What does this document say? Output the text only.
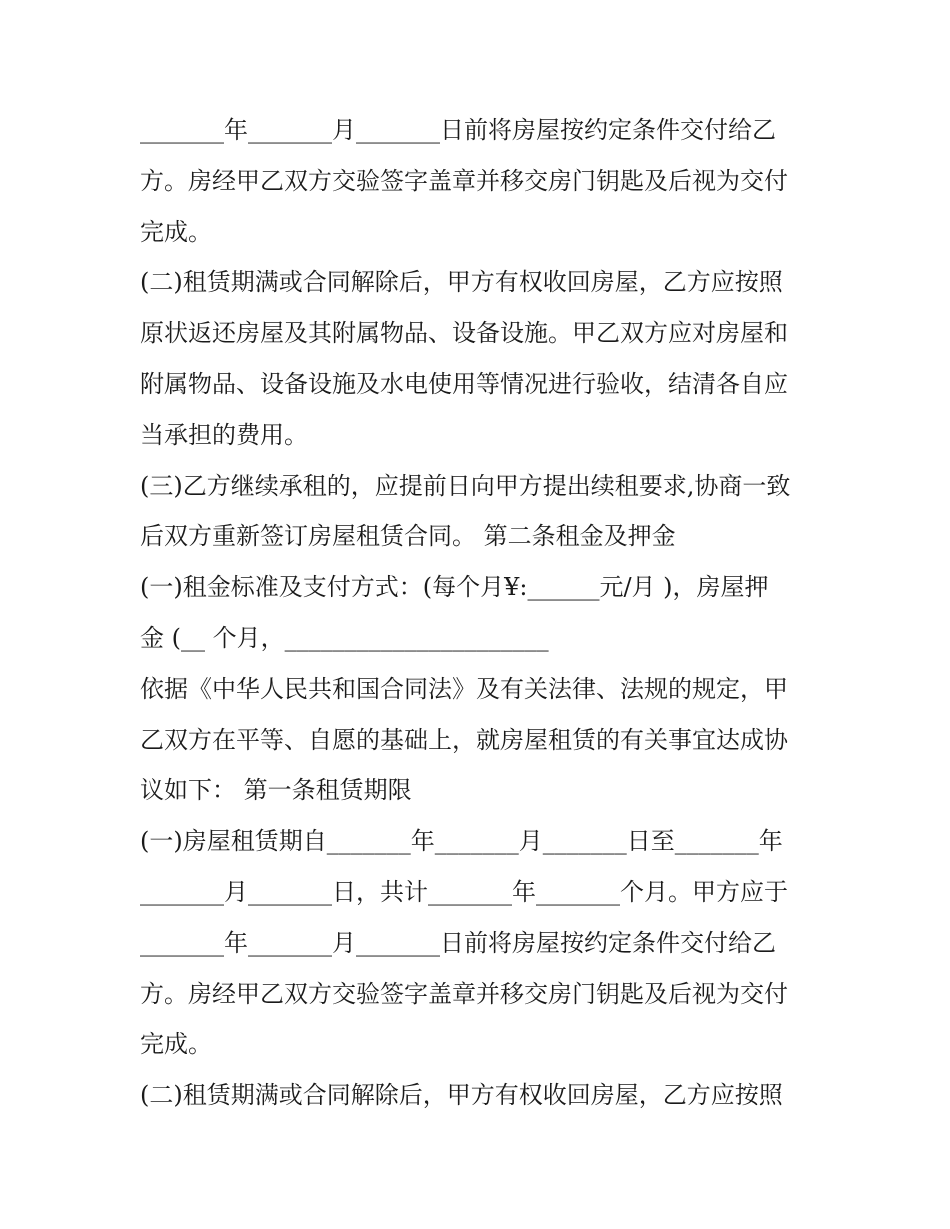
_______年_______月_______日前将房屋按约定条件交付给乙
方。房经甲乙双方交验签字盖章并移交房门钥匙及后视为交付
完成。
(二)租赁期满或合同解除后，甲方有权收回房屋，乙方应按照
原状返还房屋及其附属物品、设备设施。甲乙双方应对房屋和
附属物品、设备设施及水电使用等情况进行验收，结清各自应
当承担的费用。
(三)乙方继续承租的，应提前日向甲方提出续租要求,协商一致
后双方重新签订房屋租赁合同。 第二条租金及押金
(一)租金标准及支付方式：(每个月¥:______元/月 )，房屋押
金 (__ 个月，______________________
依据《中华人民共和国合同法》及有关法律、法规的规定，甲
乙双方在平等、自愿的基础上，就房屋租赁的有关事宜达成协
议如下： 第一条租赁期限
(一)房屋租赁期自_______年_______月_______日至_______年
_______月_______日，共计_______年_______个月。甲方应于
_______年_______月_______日前将房屋按约定条件交付给乙
方。房经甲乙双方交验签字盖章并移交房门钥匙及后视为交付
完成。
(二)租赁期满或合同解除后，甲方有权收回房屋，乙方应按照
